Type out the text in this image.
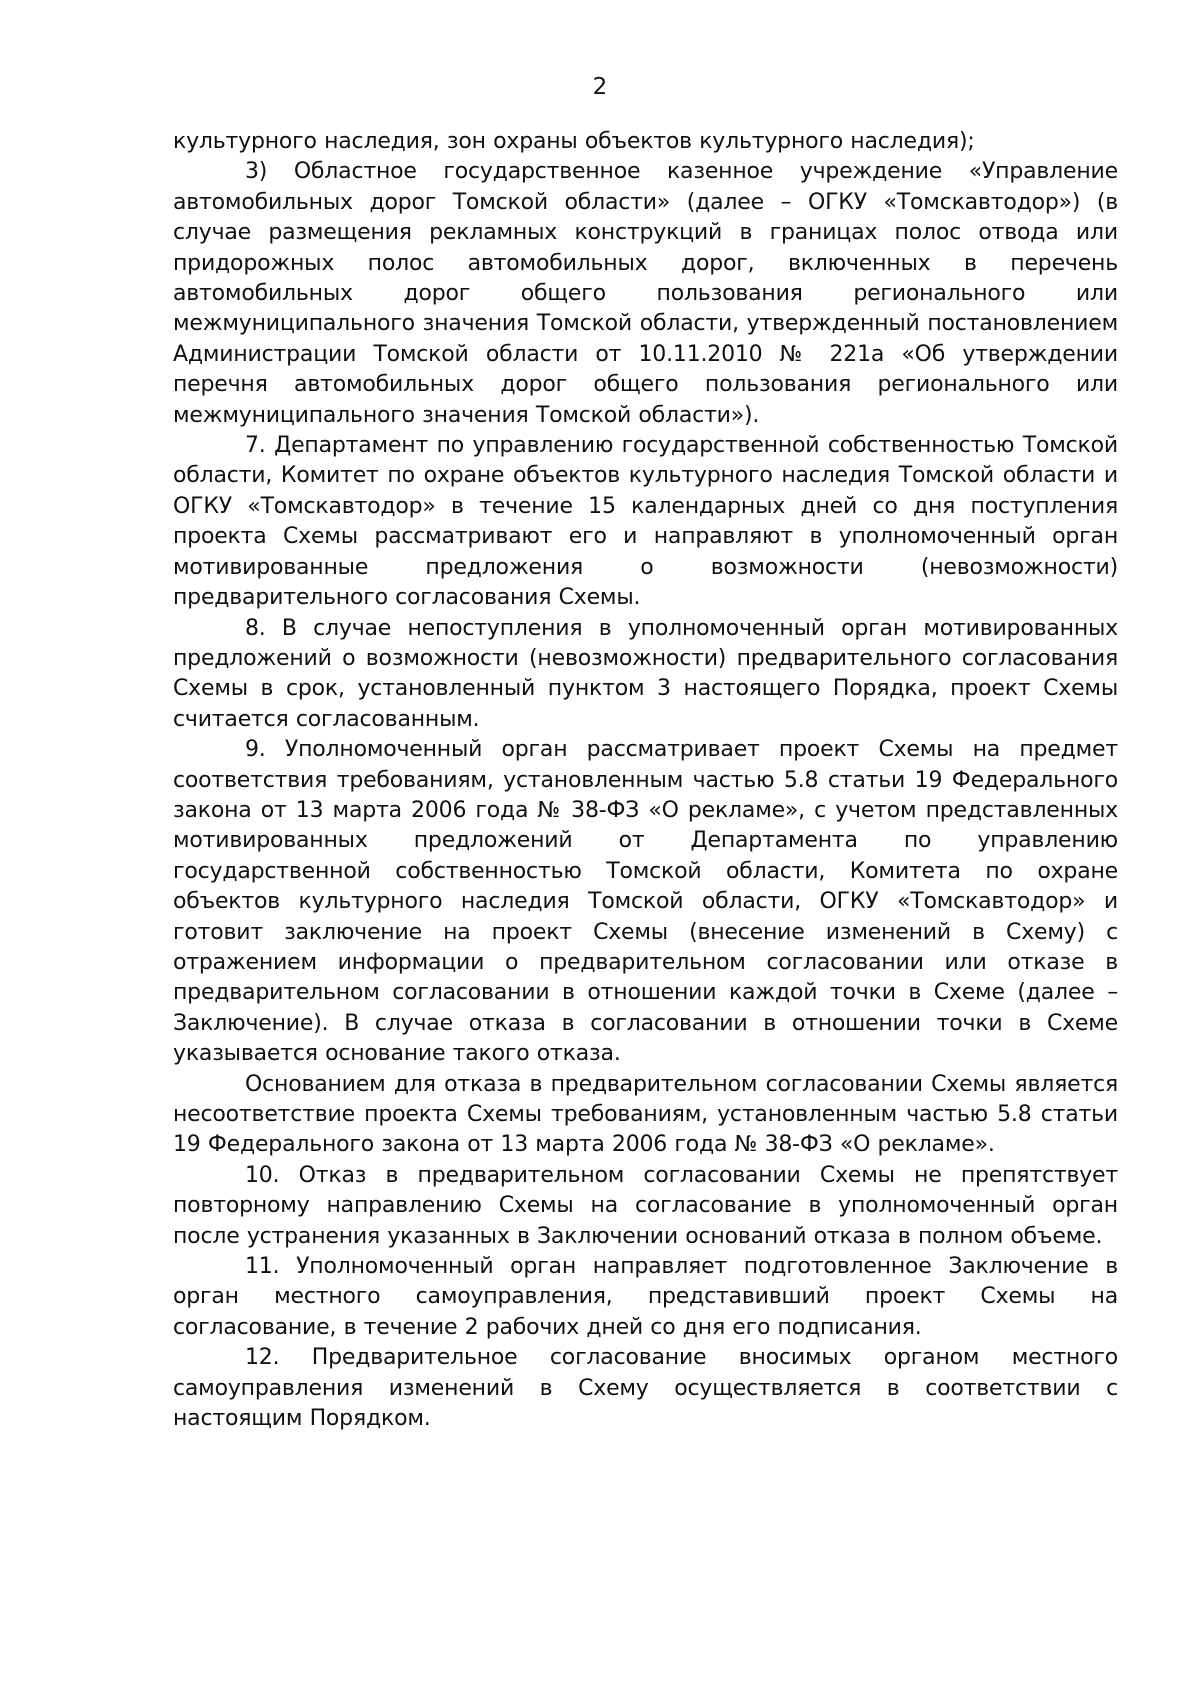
2

культурного наследия, зон охраны объектов культурного наследия);

3) Областное государственное казенное учреждение «Управление автомобильных дорог Томской области» (далее – ОГКУ «Томскавтодор») (в случае размещения рекламных конструкций в границах полос отвода или придорожных полос автомобильных дорог, включенных в перечень автомобильных дорог общего пользования регионального или межмуниципального значения Томской области, утвержденный постановлением Администрации Томской области от 10.11.2010 № 221а «Об утверждении перечня автомобильных дорог общего пользования регионального или межмуниципального значения Томской области»).

7. Департамент по управлению государственной собственностью Томской области, Комитет по охране объектов культурного наследия Томской области и ОГКУ «Томскавтодор» в течение 15 календарных дней со дня поступления проекта Схемы рассматривают его и направляют в уполномоченный орган мотивированные предложения о возможности (невозможности) предварительного согласования Схемы.

8. В случае непоступления в уполномоченный орган мотивированных предложений о возможности (невозможности) предварительного согласования Схемы в срок, установленный пунктом 3 настоящего Порядка, проект Схемы считается согласованным.

9. Уполномоченный орган рассматривает проект Схемы на предмет соответствия требованиям, установленным частью 5.8 статьи 19 Федерального закона от 13 марта 2006 года № 38-ФЗ «О рекламе», с учетом представленных мотивированных предложений от Департамента по управлению государственной собственностью Томской области, Комитета по охране объектов культурного наследия Томской области, ОГКУ «Томскавтодор» и готовит заключение на проект Схемы (внесение изменений в Схему) с отражением информации о предварительном согласовании или отказе в предварительном согласовании в отношении каждой точки в Схеме (далее – Заключение). В случае отказа в согласовании в отношении точки в Схеме указывается основание такого отказа.

Основанием для отказа в предварительном согласовании Схемы является несоответствие проекта Схемы требованиям, установленным частью 5.8 статьи 19 Федерального закона от 13 марта 2006 года № 38-ФЗ «О рекламе».

10. Отказ в предварительном согласовании Схемы не препятствует повторному направлению Схемы на согласование в уполномоченный орган после устранения указанных в Заключении оснований отказа в полном объеме.

11. Уполномоченный орган направляет подготовленное Заключение в орган местного самоуправления, представивший проект Схемы на согласование, в течение 2 рабочих дней со дня его подписания.

12. Предварительное согласование вносимых органом местного самоуправления изменений в Схему осуществляется в соответствии с настоящим Порядком.
